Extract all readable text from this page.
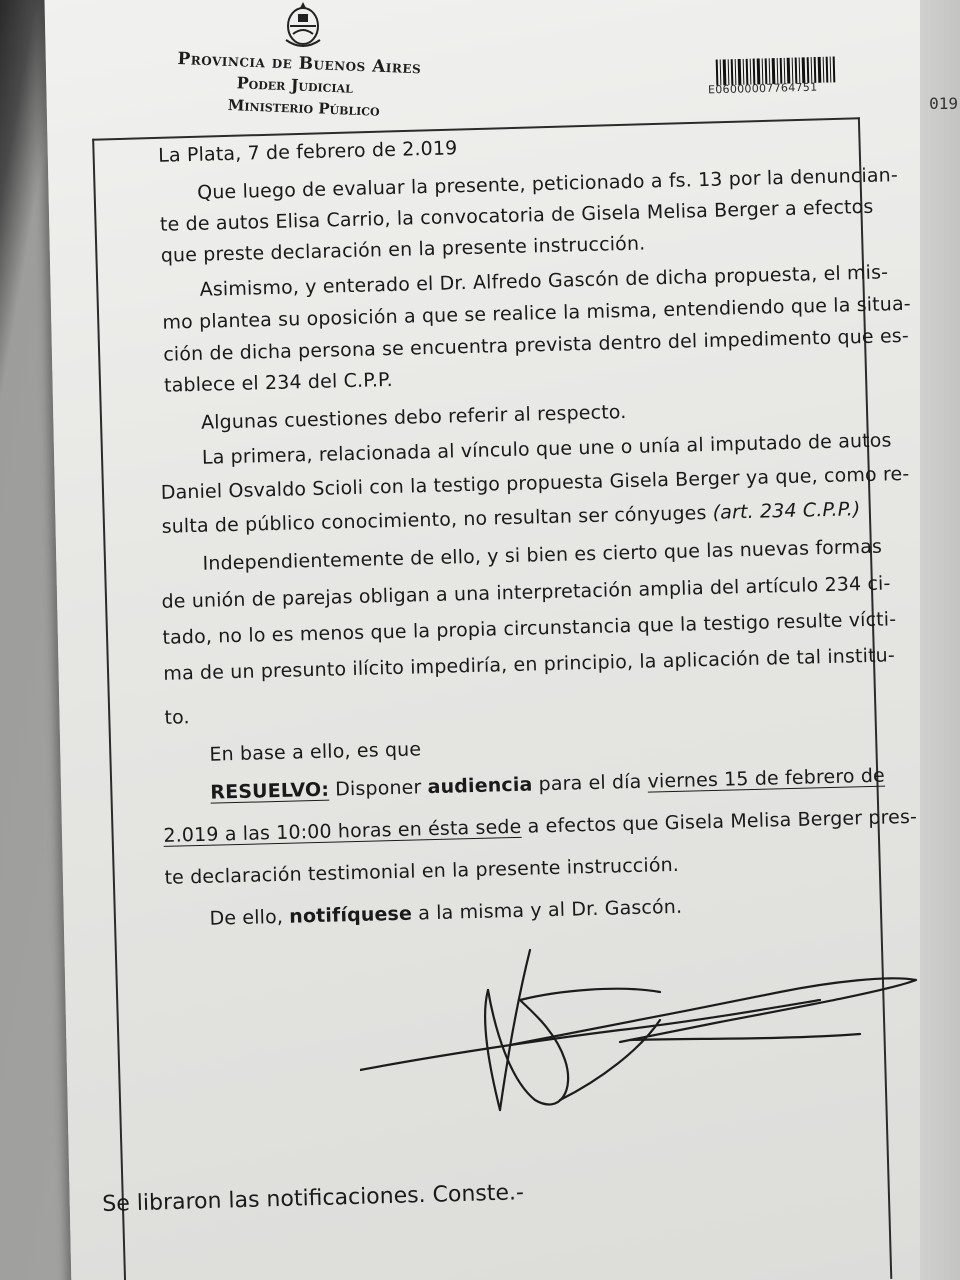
019
Provincia de Buenos Aires
Poder Judicial
Ministerio Público
E06000007764751
La Plata, 7 de febrero de 2.019
Que luego de evaluar la presente, peticionado a fs. 13 por la denuncian-
te de autos Elisa Carrio, la convocatoria de Gisela Melisa Berger a efectos
que preste declaración en la presente instrucción.
Asimismo, y enterado el Dr. Alfredo Gascón de dicha propuesta, el mis-
mo plantea su oposición a que se realice la misma, entendiendo que la situa-
ción de dicha persona se encuentra prevista dentro del impedimento que es-
tablece el 234 del C.P.P.
Algunas cuestiones debo referir al respecto.
La primera, relacionada al vínculo que une o unía al imputado de autos
Daniel Osvaldo Scioli con la testigo propuesta Gisela Berger ya que, como re-
sulta de público conocimiento, no resultan ser cónyuges (art. 234 C.P.P.)
Independientemente de ello, y si bien es cierto que las nuevas formas
de unión de parejas obligan a una interpretación amplia del artículo 234 ci-
tado, no lo es menos que la propia circunstancia que la testigo resulte vícti-
ma de un presunto ilícito impediría, en principio, la aplicación de tal institu-
to.
En base a ello, es que
RESUELVO: Disponer audiencia para el día viernes 15 de febrero de
2.019 a las 10:00 horas en ésta sede a efectos que Gisela Melisa Berger pres-
te declaración testimonial en la presente instrucción.
De ello, notifíquese a la misma y al Dr. Gascón.
Se libraron las notificaciones. Conste.-
